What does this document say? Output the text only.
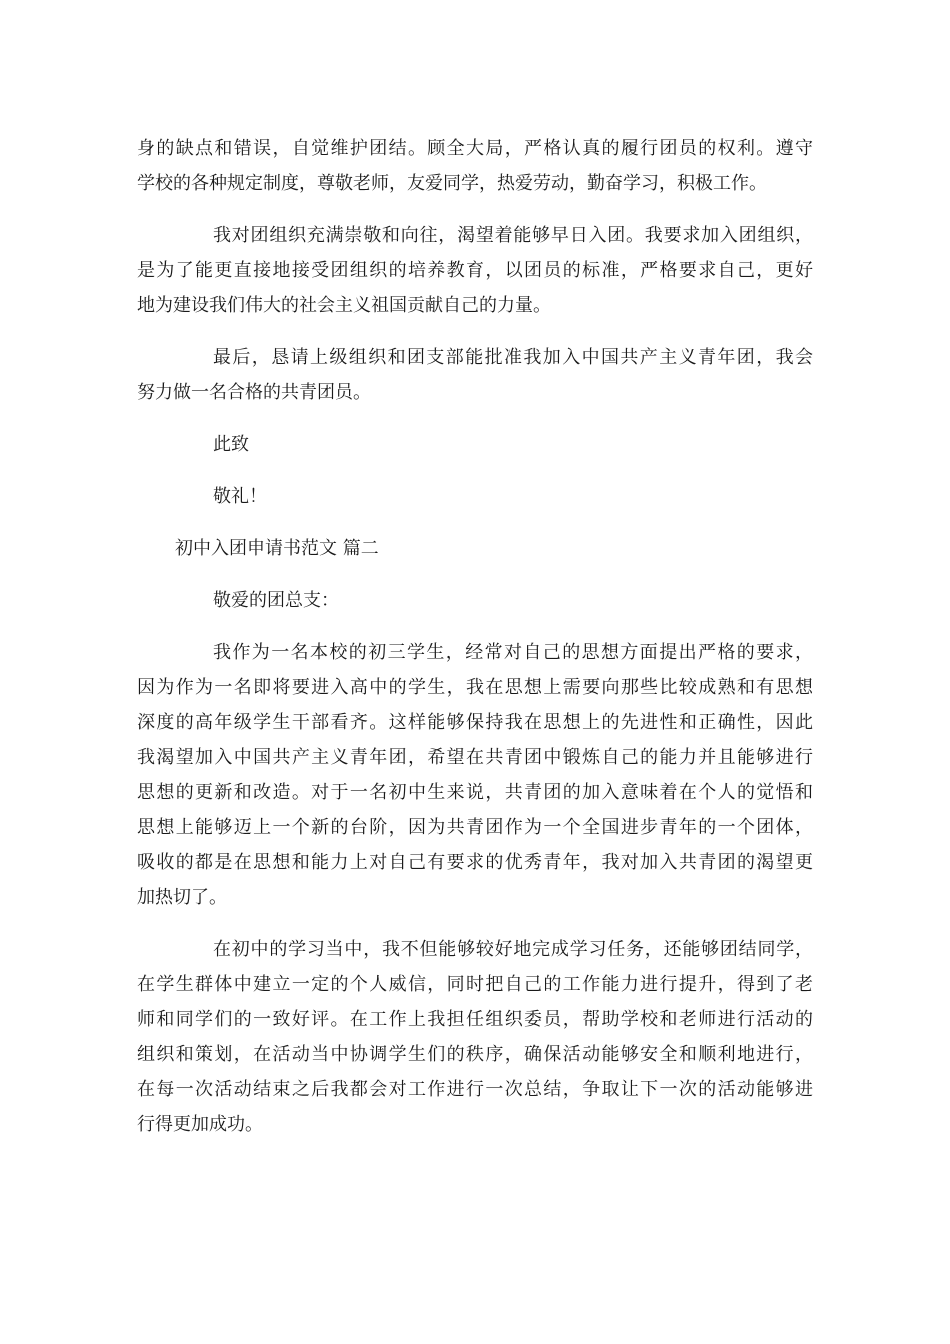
身的缺点和错误，自觉维护团结。顾全大局，严格认真的履行团员的权利。遵守
学校的各种规定制度，尊敬老师，友爱同学，热爱劳动，勤奋学习，积极工作。
我对团组织充满崇敬和向往，渴望着能够早日入团。我要求加入团组织，
是为了能更直接地接受团组织的培养教育，以团员的标准，严格要求自己，更好
地为建设我们伟大的社会主义祖国贡献自己的力量。
最后，恳请上级组织和团支部能批准我加入中国共产主义青年团，我会
努力做一名合格的共青团员。
此致
敬礼！
初中入团申请书范文 篇二
敬爱的团总支：
我作为一名本校的初三学生，经常对自己的思想方面提出严格的要求，
因为作为一名即将要进入高中的学生，我在思想上需要向那些比较成熟和有思想
深度的高年级学生干部看齐。这样能够保持我在思想上的先进性和正确性，因此
我渴望加入中国共产主义青年团，希望在共青团中锻炼自己的能力并且能够进行
思想的更新和改造。对于一名初中生来说，共青团的加入意味着在个人的觉悟和
思想上能够迈上一个新的台阶，因为共青团作为一个全国进步青年的一个团体，
吸收的都是在思想和能力上对自己有要求的优秀青年，我对加入共青团的渴望更
加热切了。
在初中的学习当中，我不但能够较好地完成学习任务，还能够团结同学，
在学生群体中建立一定的个人威信，同时把自己的工作能力进行提升，得到了老
师和同学们的一致好评。在工作上我担任组织委员，帮助学校和老师进行活动的
组织和策划，在活动当中协调学生们的秩序，确保活动能够安全和顺利地进行，
在每一次活动结束之后我都会对工作进行一次总结，争取让下一次的活动能够进
行得更加成功。
